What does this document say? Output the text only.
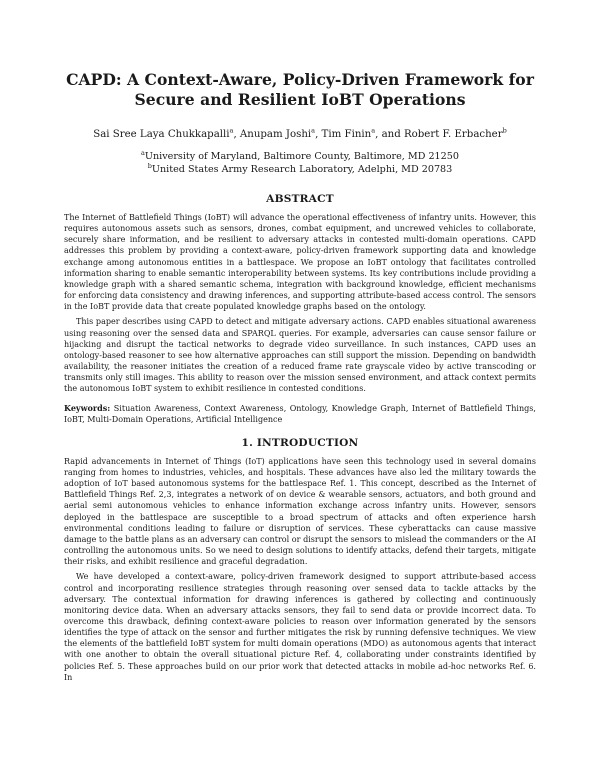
CAPD: A Context-Aware, Policy-Driven Framework for
Secure and Resilient IoBT Operations
Sai Sree Laya Chukkapalli$^a$, Anupam Joshi$^a$, Tim Finin$^a$, and Robert F. Erbacher$^b$
$^a$University of Maryland, Baltimore County, Baltimore, MD 21250
$^b$United States Army Research Laboratory, Adelphi, MD 20783
ABSTRACT

The Internet of Battlefield Things (IoBT) will advance the operational effectiveness of infantry units. However, this requires autonomous assets such as sensors, drones, combat equipment, and uncrewed vehicles to collaborate, securely share information, and be resilient to adversary attacks in contested multi-domain operations. CAPD addresses this problem by providing a context-aware, policy-driven framework supporting data and knowledge exchange among autonomous entities in a battlespace. We propose an IoBT ontology that facilitates controlled information sharing to enable semantic interoperability between systems. Its key contributions include providing a knowledge graph with a shared semantic schema, integration with background knowledge, efficient mechanisms for enforcing data consistency and drawing inferences, and supporting attribute-based access control. The sensors in the IoBT provide data that create populated knowledge graphs based on the ontology.

This paper describes using CAPD to detect and mitigate adversary actions. CAPD enables situational awareness using reasoning over the sensed data and SPARQL queries. For example, adversaries can cause sensor failure or hijacking and disrupt the tactical networks to degrade video surveillance. In such instances, CAPD uses an ontology-based reasoner to see how alternative approaches can still support the mission. Depending on bandwidth availability, the reasoner initiates the creation of a reduced frame rate grayscale video by active transcoding or transmits only still images. This ability to reason over the mission sensed environment, and attack context permits the autonomous IoBT system to exhibit resilience in contested conditions.

Keywords: Situation Awareness, Context Awareness, Ontology, Knowledge Graph, Internet of Battlefield Things, IoBT, Multi-Domain Operations, Artificial Intelligence

1. INTRODUCTION

Rapid advancements in Internet of Things (IoT) applications have seen this technology used in several domains ranging from homes to industries, vehicles, and hospitals. These advances have also led the military towards the adoption of IoT based autonomous systems for the battlespace Ref. 1. This concept, described as the Internet of Battlefield Things Ref. 2,3, integrates a network of on device & wearable sensors, actuators, and both ground and aerial semi autonomous vehicles to enhance information exchange across infantry units. However, sensors deployed in the battlespace are susceptible to a broad spectrum of attacks and often experience harsh environmental conditions leading to failure or disruption of services. These cyberattacks can cause massive damage to the battle plans as an adversary can control or disrupt the sensors to mislead the commanders or the AI controlling the autonomous units. So we need to design solutions to identify attacks, defend their targets, mitigate their risks, and exhibit resilience and graceful degradation.

We have developed a context-aware, policy-driven framework designed to support attribute-based access control and incorporating resilience strategies through reasoning over sensed data to tackle attacks by the adversary. The contextual information for drawing inferences is gathered by collecting and continuously monitoring device data. When an adversary attacks sensors, they fail to send data or provide incorrect data. To overcome this drawback, defining context-aware policies to reason over information generated by the sensors identifies the type of attack on the sensor and further mitigates the risk by running defensive techniques. We view the elements of the battlefield IoBT system for multi domain operations (MDO) as autonomous agents that interact with one another to obtain the overall situational picture Ref. 4, collaborating under constraints identified by policies Ref. 5. These approaches build on our prior work that detected attacks in mobile ad-hoc networks Ref. 6. In
